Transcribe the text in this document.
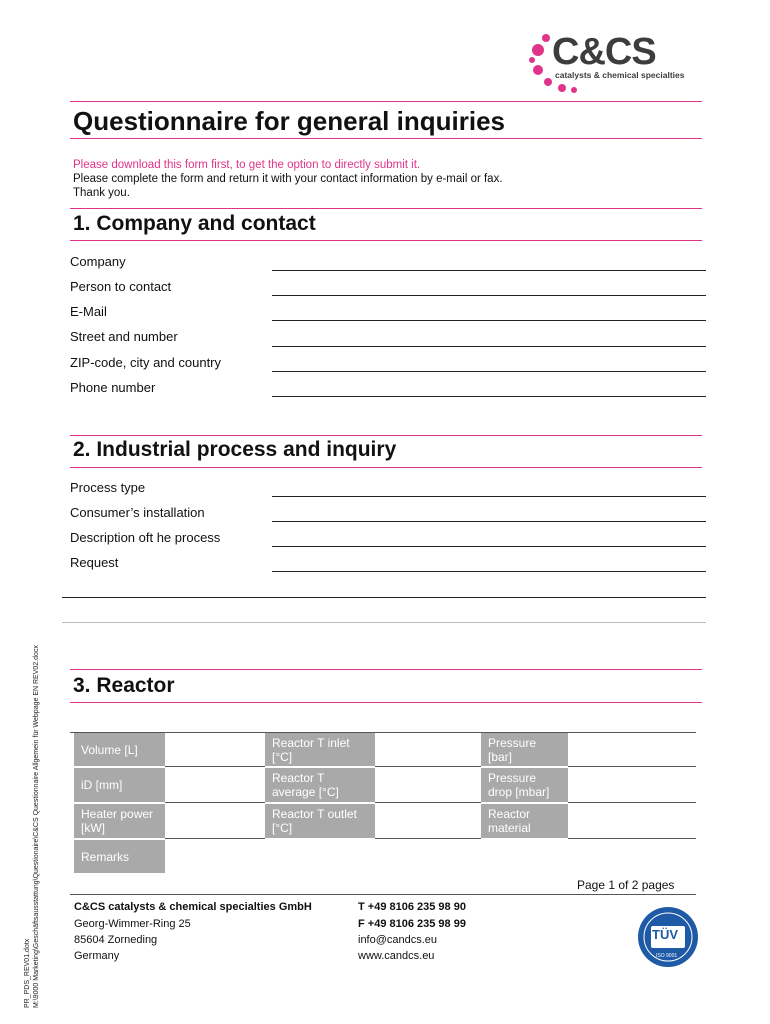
C&CS
catalysts & chemical specialties
Questionnaire for general inquiries
Please download this form first, to get the option to directly submit it.
Please complete the form and return it with your contact information by e-mail or fax.
Thank you.
1. Company and contact
Company
Person to contact
E-Mail
Street and number
ZIP-code, city and country
Phone number
2. Industrial process and inquiry
Process type
Consumer’s installation
Description oft he process
Request
PR_PDS_REV01.dotx M:\9000 Marketing\Geschäftsausstattung\Questionaire\C&CS Questionnaire Allgemein für Webpage EN REV02.docx 3. Reactor
Volume [L]
iD [mm]
Heater power [kW]
Remarks
Reactor T inlet [°C]
Reactor T average [°C]
Reactor T outlet [°C]
Pressure [bar]
Pressure drop [mbar]
Reactor material
Page 1 of 2 pages
C&CS catalysts & chemical specialties GmbH
Georg-Wimmer-Ring 25
85604 Zorneding
Germany
T +49 8106 235 98 90
F +49 8106 235 98 99
info@candcs.eu
www.candcs.eu
TÜV
SÜD
ISO 9001
